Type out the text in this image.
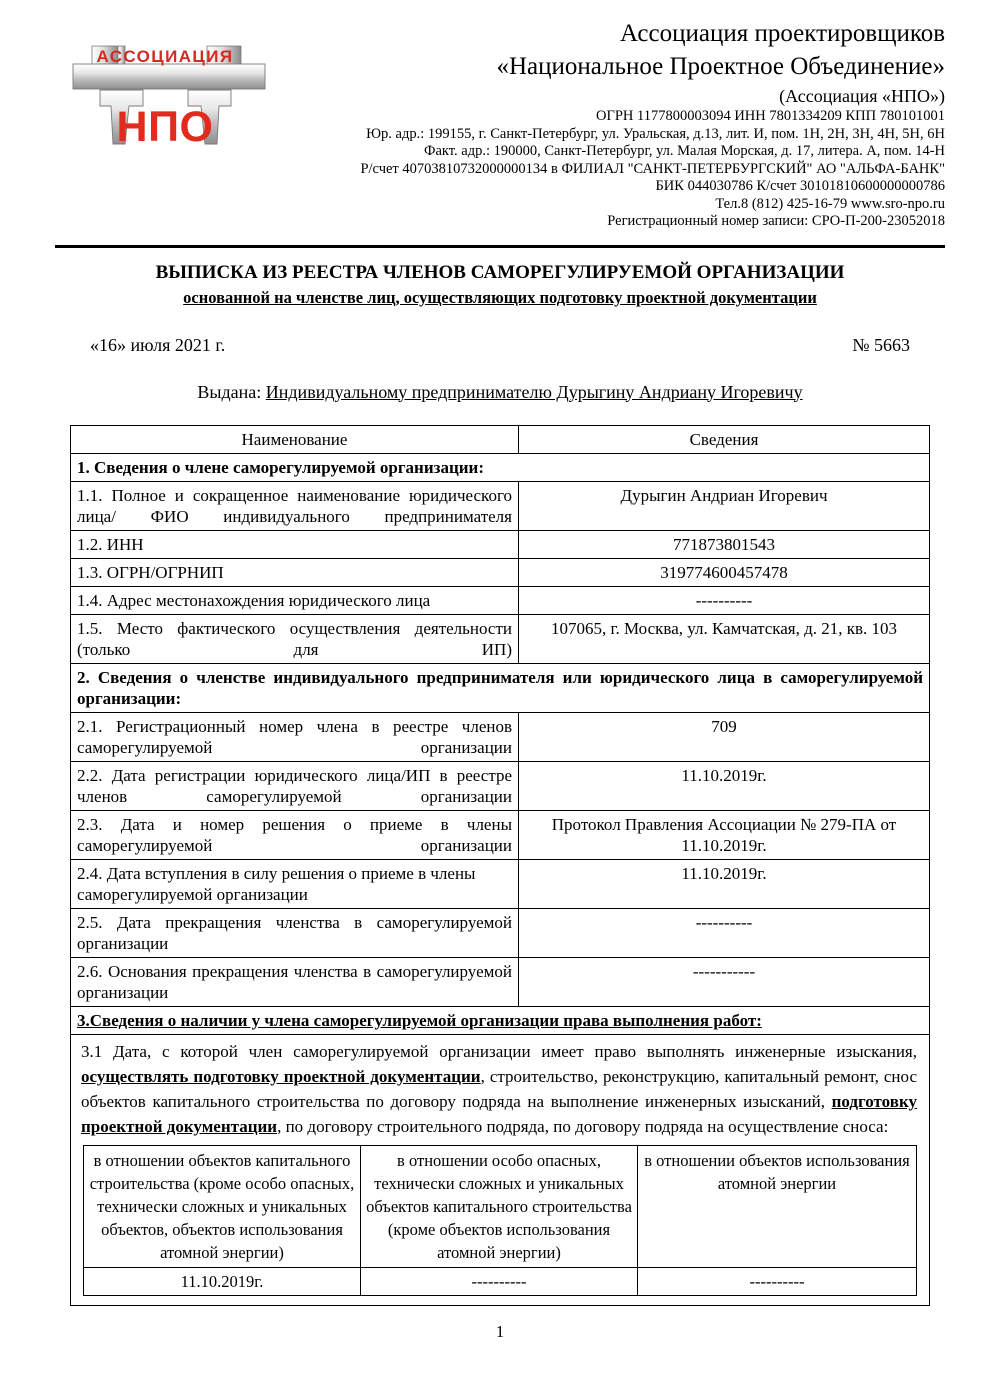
АССОЦИАЦИЯ
НПО
Ассоциация проектировщиков
«Национальное Проектное Объединение»
(Ассоциация «НПО»)
ОГРН 1177800003094 ИНН 7801334209 КПП 780101001
Юр. адр.: 199155, г. Санкт-Петербург, ул. Уральская, д.13, лит. И, пом. 1Н, 2Н, 3Н, 4Н, 5Н, 6Н
Факт. адр.: 190000, Санкт-Петербург, ул. Малая Морская, д. 17, литера. А, пом. 14-Н
Р/счет 40703810732000000134 в ФИЛИАЛ "САНКТ-ПЕТЕРБУРГСКИЙ" АО "АЛЬФА-БАНК"
БИК 044030786 К/счет 30101810600000000786
Тел.8 (812) 425-16-79 www.sro-npo.ru
Регистрационный номер записи: СРО-П-200-23052018
ВЫПИСКА ИЗ РЕЕСТРА ЧЛЕНОВ САМОРЕГУЛИРУЕМОЙ ОРГАНИЗАЦИИ
основанной на членстве лиц, осуществляющих подготовку проектной документации
«16» июля 2021 г.	№ 5663
Выдана: Индивидуальному предпринимателю Дурыгину Андриану Игоревичу
Наименование	Сведения
1. Сведения о члене саморегулируемой организации:
1.1. Полное и сокращенное наименование юридического лица/ ФИО индивидуального предпринимателя	Дурыгин Андриан Игоревич
1.2. ИНН	771873801543
1.3. ОГРН/ОГРНИП	319774600457478
1.4. Адрес местонахождения юридического лица	----------
1.5. Место фактического осуществления деятельности (только для ИП)	107065, г. Москва, ул. Камчатская, д. 21, кв. 103
2. Сведения о членстве индивидуального предпринимателя или юридического лица в саморегулируемой организации:
2.1. Регистрационный номер члена в реестре членов саморегулируемой организации	709
2.2. Дата регистрации юридического лица/ИП в реестре членов саморегулируемой организации	11.10.2019г.
2.3. Дата и номер решения о приеме в члены саморегулируемой организации	Протокол Правления Ассоциации № 279-ПА от 11.10.2019г.
2.4. Дата вступления в силу решения о приеме в члены саморегулируемой организации	11.10.2019г.
2.5. Дата прекращения членства в саморегулируемой организации	----------
2.6. Основания прекращения членства в саморегулируемой организации	-----------
3.Сведения о наличии у члена саморегулируемой организации права выполнения работ:

3.1 Дата, с которой член саморегулируемой организации имеет право выполнять инженерные изыскания, осуществлять подготовку проектной документации, строительство, реконструкцию, капитальный ремонт, снос объектов капитального строительства по договору подряда на выполнение инженерных изысканий, подготовку проектной документации, по договору строительного подряда, по договору подряда на осуществление сноса:
в отношении объектов капитального строительства (кроме особо опасных, технически сложных и уникальных объектов, объектов использования атомной энергии)	в отношении особо опасных, технически сложных и уникальных объектов капитального строительства (кроме объектов использования атомной энергии)	в отношении объектов использования атомной энергии
11.10.2019г.	----------	----------
1
